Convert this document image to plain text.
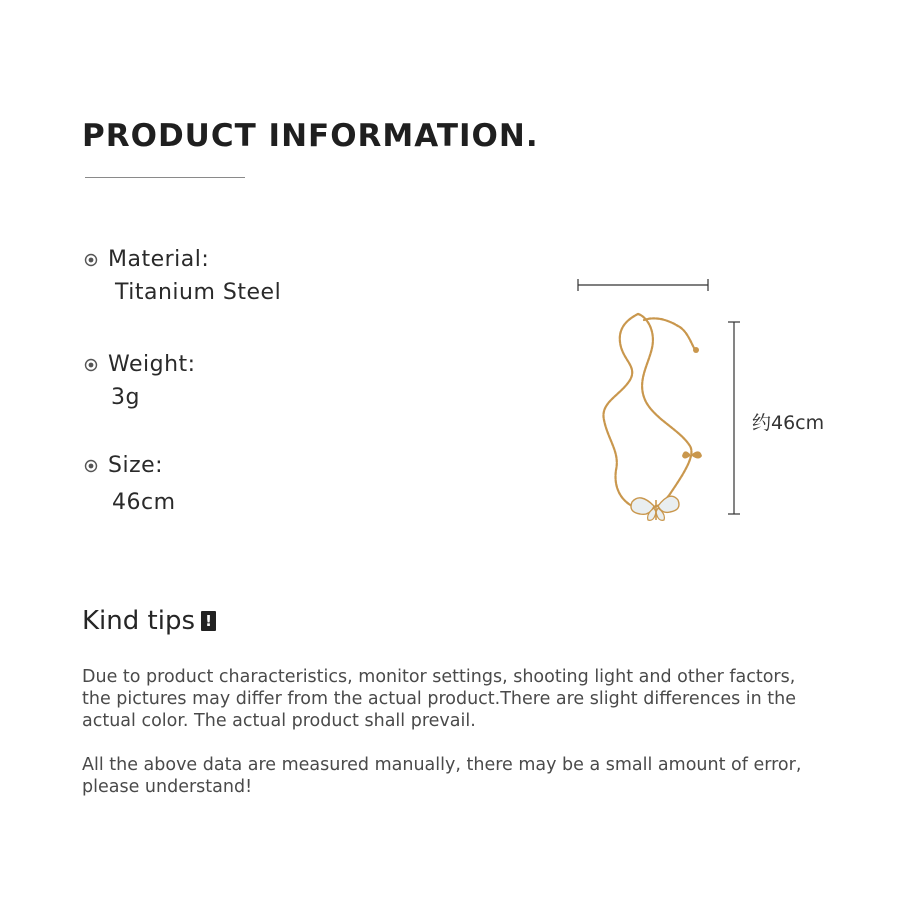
PRODUCT INFORMATION.
Material:
Titanium Steel
Weight:
3g
Size:
46cm
约46cm
Kind tips !

Due to product characteristics, monitor settings, shooting light and other factors, the pictures may differ from the actual product.There are slight differences in the actual color. The actual product shall prevail.

All the above data are measured manually, there may be a small amount of error, please understand!
